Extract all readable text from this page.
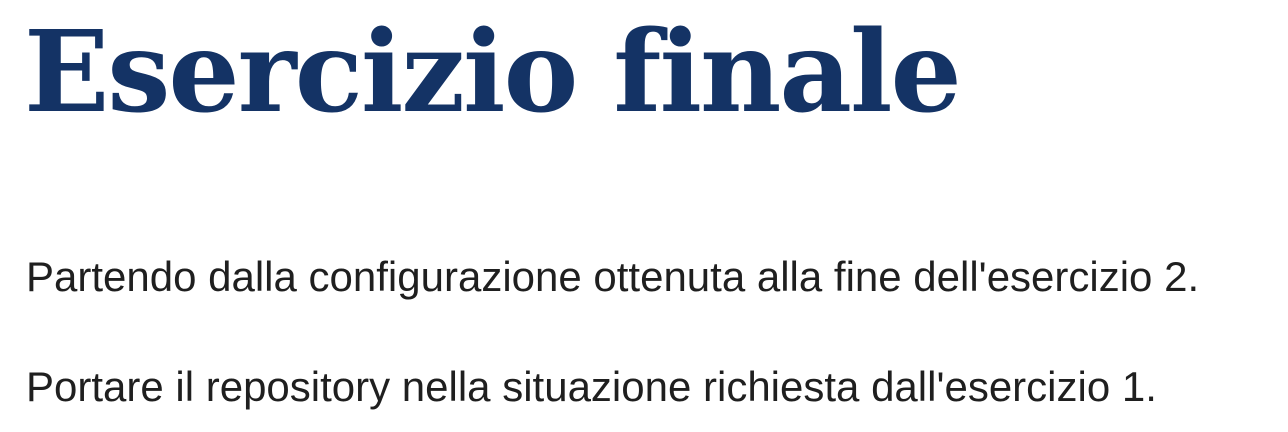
Esercizio finale

Partendo dalla configurazione ottenuta alla fine dell'esercizio 2.

Portare il repository nella situazione richiesta dall'esercizio 1.
